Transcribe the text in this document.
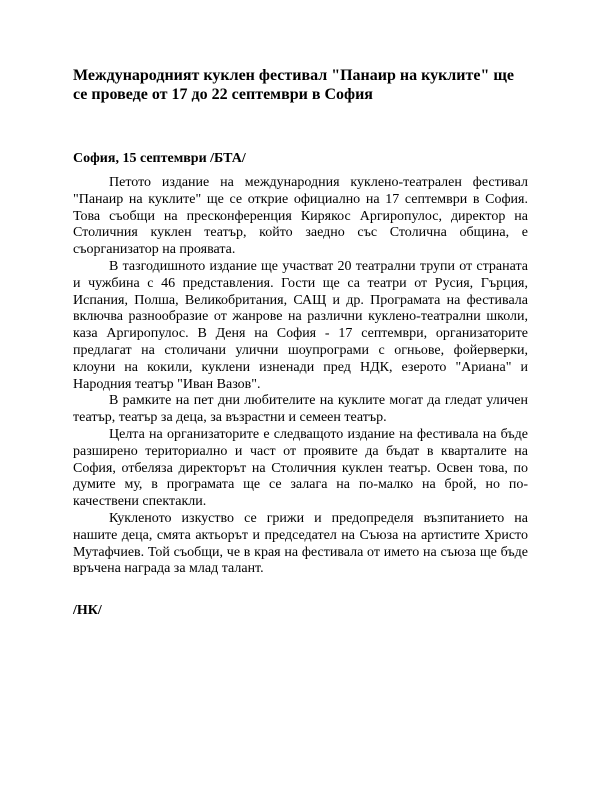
Международният куклен фестивал "Панаир на куклите" ще се проведе от 17 до 22 септември в София

София, 15 септември /БТА/

Петото издание на международния куклено-театрален фестивал "Панаир на куклите" ще се открие официално на 17 септември в София. Това съобщи на пресконференция Кирякос Аргиропулос, директор на Столичния куклен театър, който заедно със Столична община, е съорганизатор на проявата.

В тазгодишното издание ще участват 20 театрални трупи от страната и чужбина с 46 представления. Гости ще са театри от Русия, Гърция, Испания, Полша, Великобритания, САЩ и др. Програмата на фестивала включва разнообразие от жанрове на различни куклено-театрални школи, каза Аргиропулос. В Деня на София - 17 септември, организаторите предлагат на столичани улични шоупрограми с огньове, фойерверки, клоуни на кокили, куклени изненади пред НДК, езерото "Ариана" и Народния театър "Иван Вазов".

В рамките на пет дни любителите на куклите могат да гледат уличен театър, театър за деца, за възрастни и семеен театър.

Целта на организаторите е следващото издание на фестивала на бъде разширено териториално и част от проявите да бъдат в кварталите на София, отбеляза директорът на Столичния куклен театър. Освен това, по думите му, в програмата ще се залага на по-малко на брой, но по-качествени спектакли.

Кукленото изкуство се грижи и предопределя възпитанието на нашите деца, смята актьорът и председател на Съюза на артистите Христо Мутафчиев. Той съобщи, че в края на фестивала от името на съюза ще бъде връчена награда за млад талант.

/НК/
